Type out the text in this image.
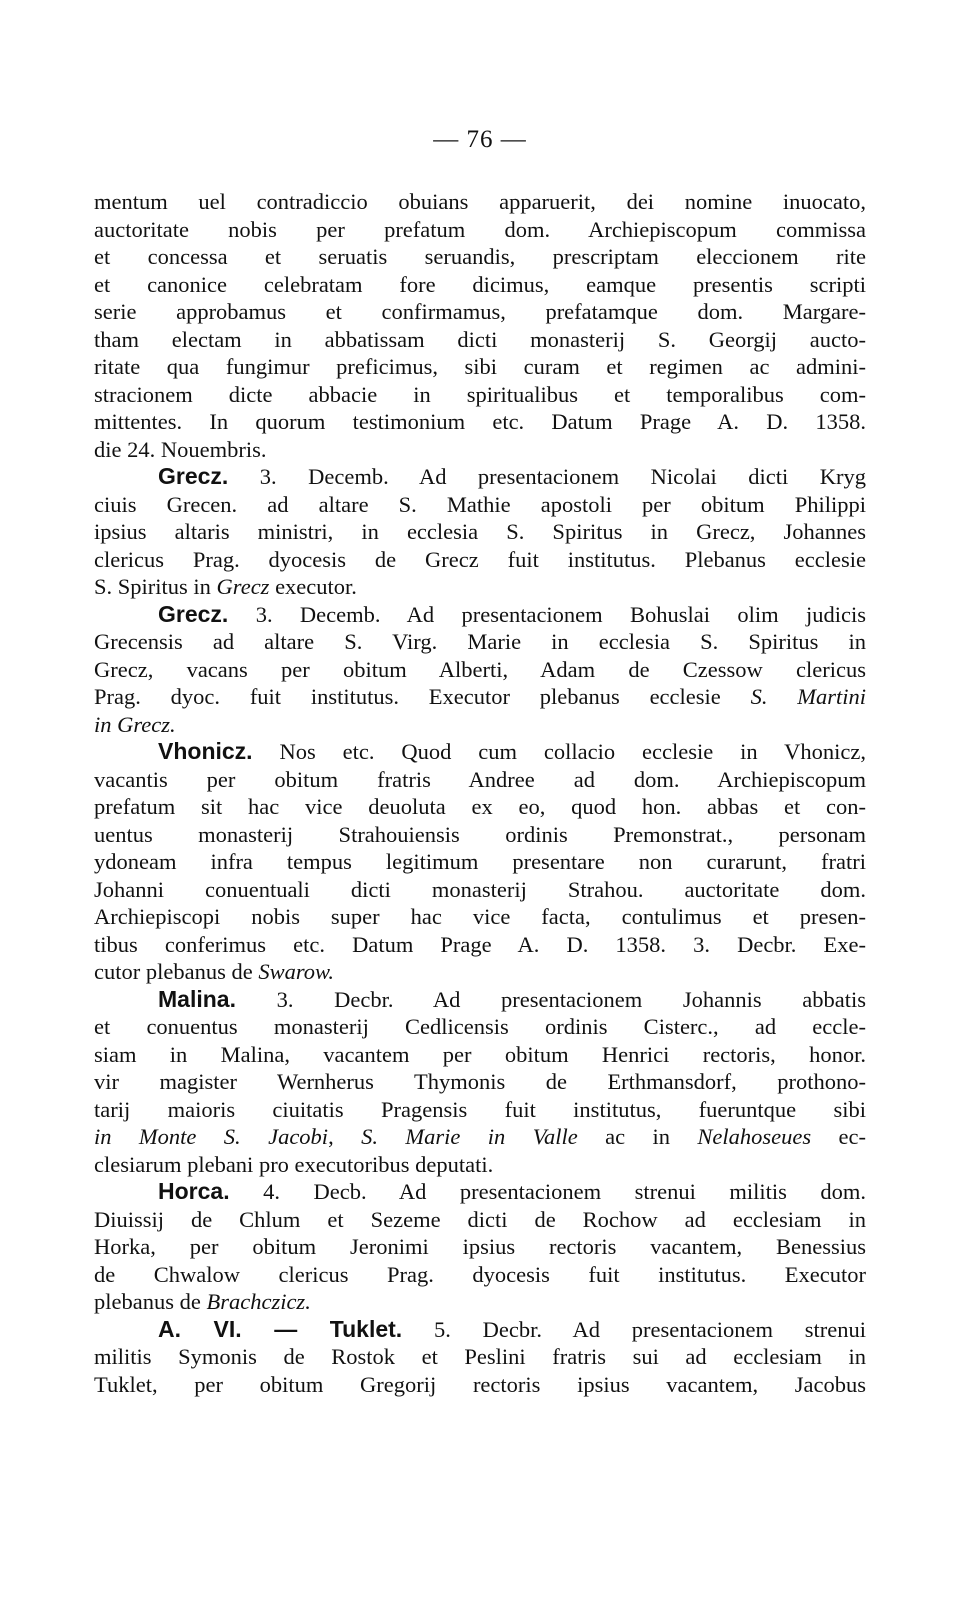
— 76 —
mentum uel contradiccio obuians apparuerit, dei nomine inuocato,
auctoritate nobis per prefatum dom. Archiepiscopum commissa
et concessa et seruatis seruandis, prescriptam eleccionem rite
et canonice celebratam fore dicimus, eamque presentis scripti
serie approbamus et confirmamus, prefatamque dom. Margare-
tham electam in abbatissam dicti monasterij S. Georgij aucto-
ritate qua fungimur preficimus, sibi curam et regimen ac admini-
stracionem dicte abbacie in spiritualibus et temporalibus com-
mittentes. In quorum testimonium etc. Datum Prage A. D. 1358.
die 24. Nouembris.
Grecz. 3. Decemb. Ad presentacionem Nicolai dicti Kryg
ciuis Grecen. ad altare S. Mathie apostoli per obitum Philippi
ipsius altaris ministri, in ecclesia S. Spiritus in Grecz, Johannes
clericus Prag. dyocesis de Grecz fuit institutus. Plebanus ecclesie
S. Spiritus in Grecz executor.
Grecz. 3. Decemb. Ad presentacionem Bohuslai olim judicis
Grecensis ad altare S. Virg. Marie in ecclesia S. Spiritus in
Grecz, vacans per obitum Alberti, Adam de Czessow clericus
Prag. dyoc. fuit institutus. Executor plebanus ecclesie S. Martini
in Grecz.
Vhonicz. Nos etc. Quod cum collacio ecclesie in Vhonicz,
vacantis per obitum fratris Andree ad dom. Archiepiscopum
prefatum sit hac vice deuoluta ex eo, quod hon. abbas et con-
uentus monasterij Strahouiensis ordinis Premonstrat., personam
ydoneam infra tempus legitimum presentare non curarunt, fratri
Johanni conuentuali dicti monasterij Strahou. auctoritate dom.
Archiepiscopi nobis super hac vice facta, contulimus et presen-
tibus conferimus etc. Datum Prage A. D. 1358. 3. Decbr. Exe-
cutor plebanus de Swarow.
Malina. 3. Decbr. Ad presentacionem Johannis abbatis
et conuentus monasterij Cedlicensis ordinis Cisterc., ad eccle-
siam in Malina, vacantem per obitum Henrici rectoris, honor.
vir magister Wernherus Thymonis de Erthmansdorf, prothono-
tarij maioris ciuitatis Pragensis fuit institutus, fueruntque sibi
in Monte S. Jacobi, S. Marie in Valle ac in Nelahoseues ec-
clesiarum plebani pro executoribus deputati.
Horca. 4. Decb. Ad presentacionem strenui militis dom.
Diuissij de Chlum et Sezeme dicti de Rochow ad ecclesiam in
Horka, per obitum Jeronimi ipsius rectoris vacantem, Benessius
de Chwalow clericus Prag. dyocesis fuit institutus. Executor
plebanus de Brachczicz.
A. VI. — Tuklet. 5. Decbr. Ad presentacionem strenui
militis Symonis de Rostok et Peslini fratris sui ad ecclesiam in
Tuklet, per obitum Gregorij rectoris ipsius vacantem, Jacobus
